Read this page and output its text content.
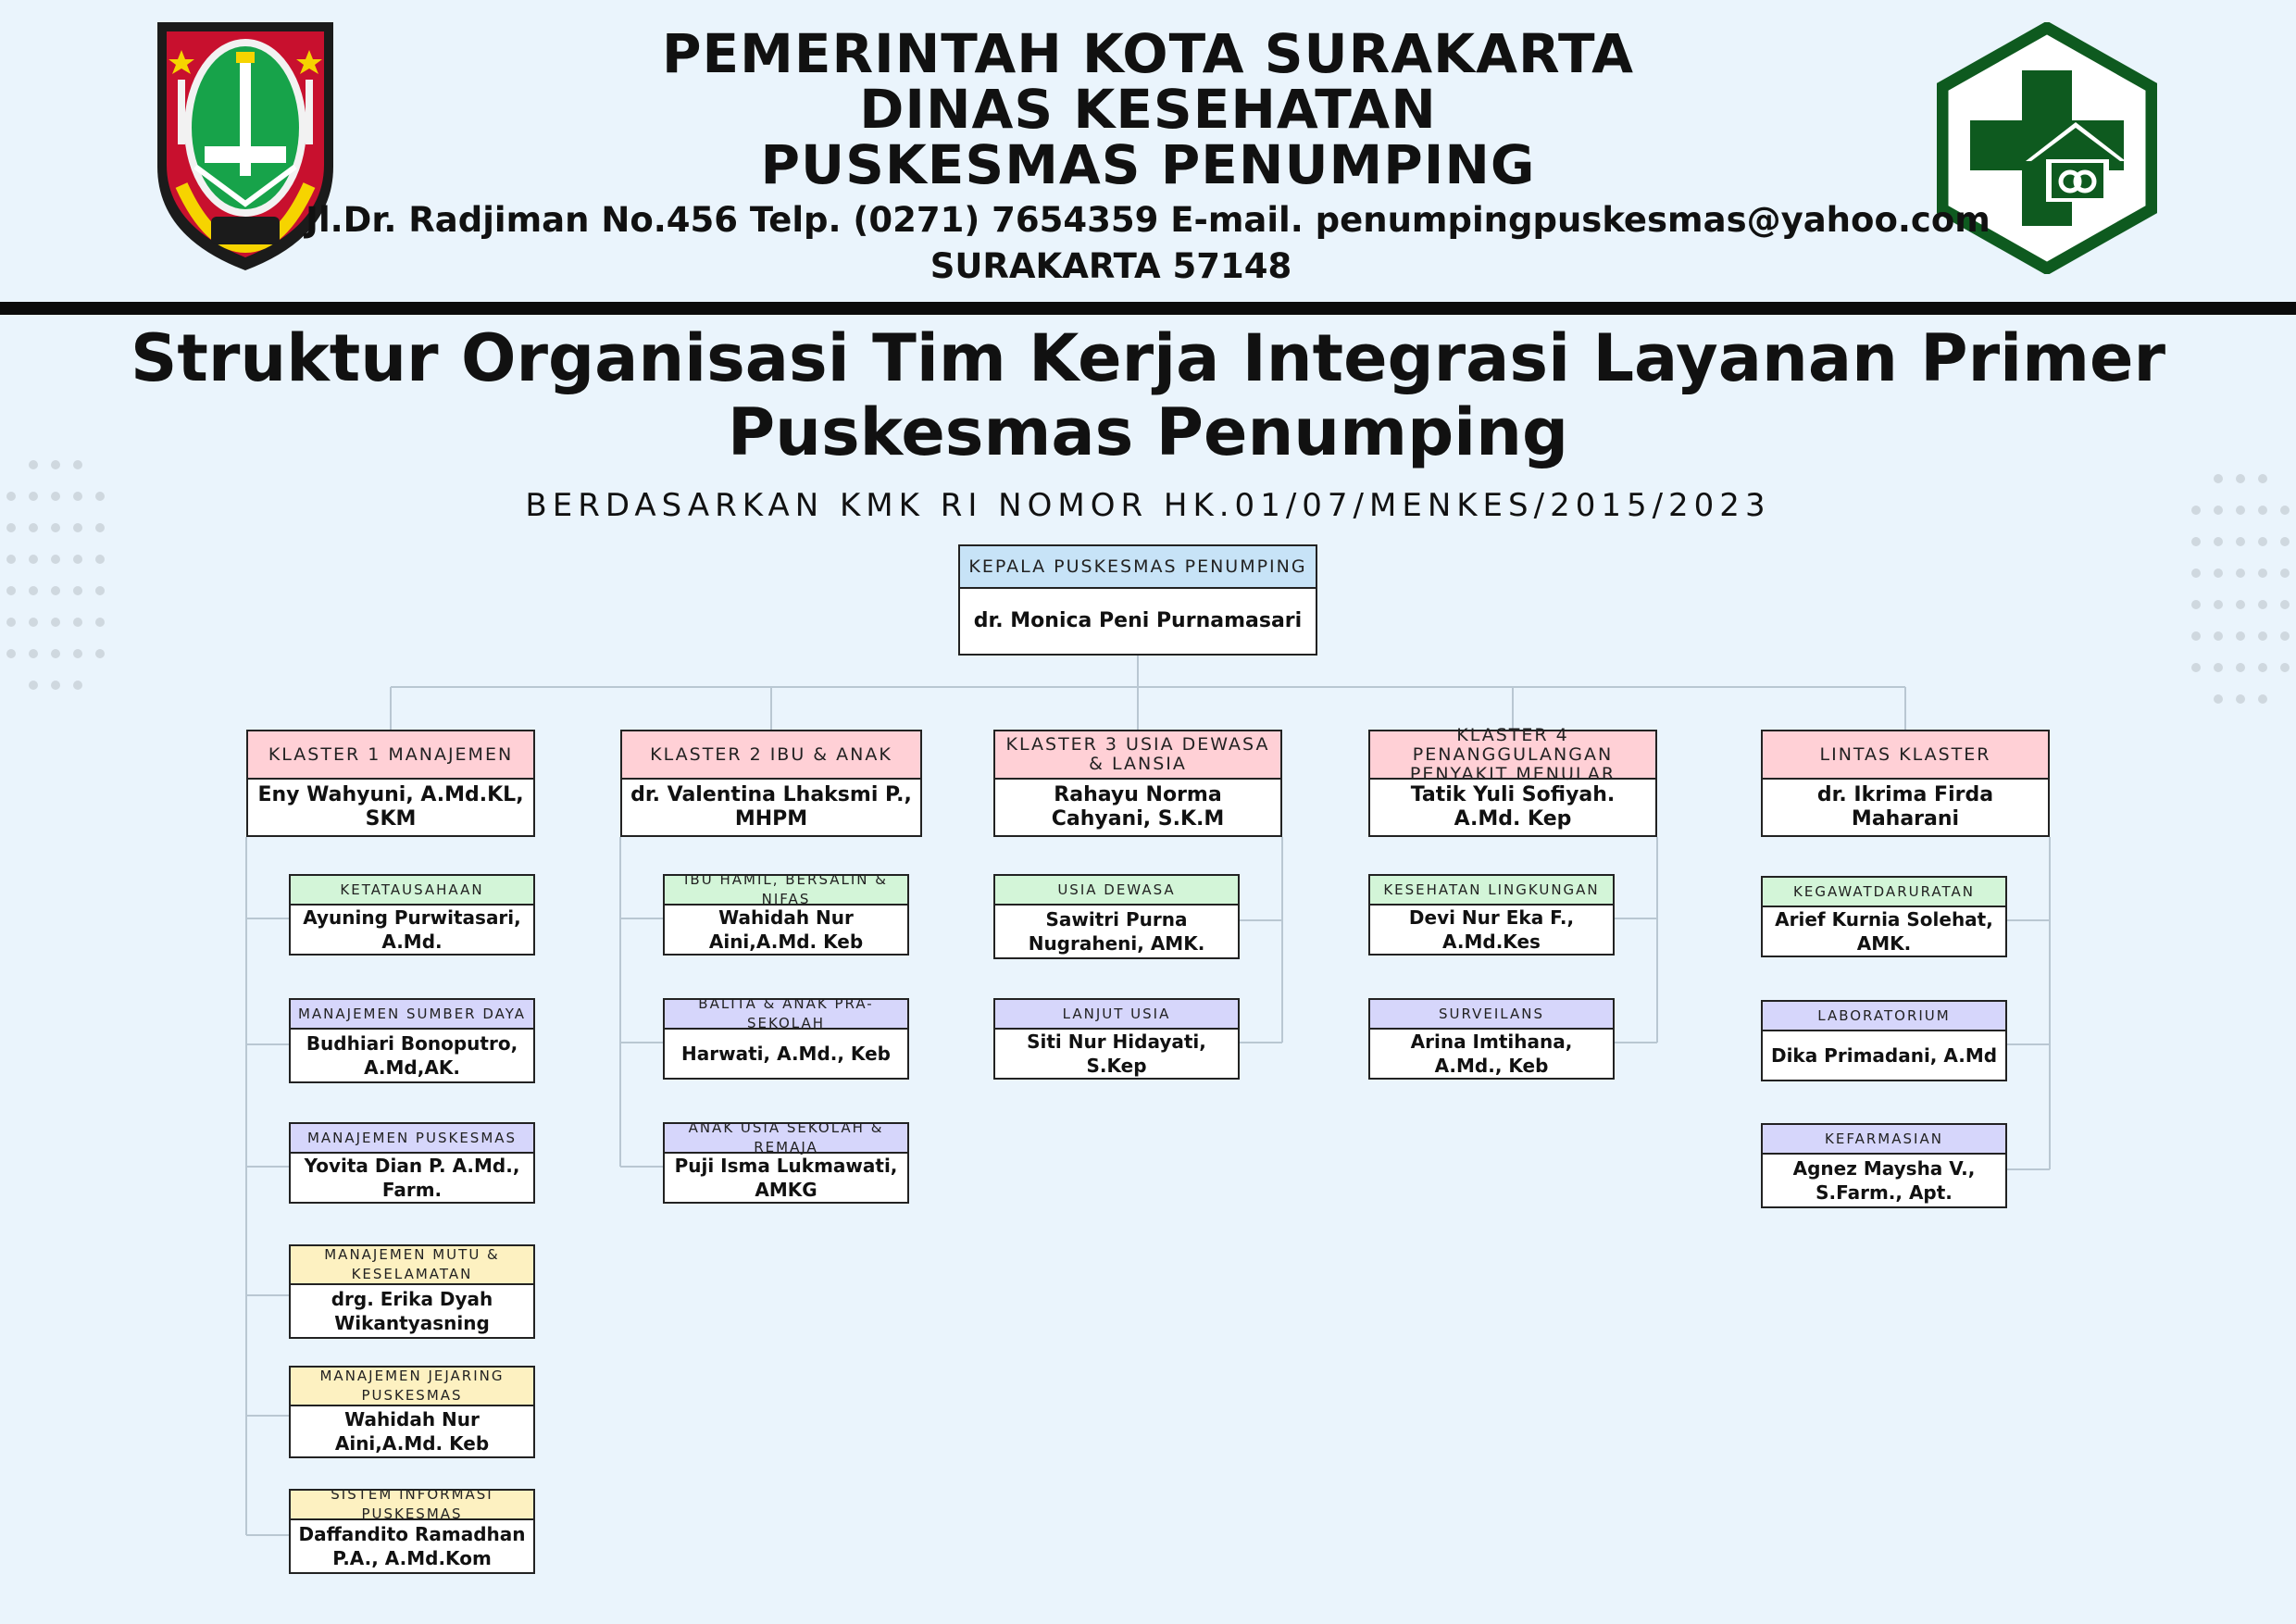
PEMERINTAH KOTA SURAKARTA
DINAS KESEHATAN
PUSKESMAS PENUMPING
Jl.Dr. Radjiman No.456 Telp. (0271) 7654359 E-mail. penumpingpuskesmas@yahoo.com
SURAKARTA 57148
Struktur Organisasi Tim Kerja Integrasi Layanan Primer
Puskesmas Penumping
BERDASARKAN KMK RI NOMOR HK.01/07/MENKES/2015/2023
KEPALA PUSKESMAS PENUMPING
dr. Monica Peni Purnamasari
KLASTER 1 MANAJEMEN
Eny Wahyuni, A.Md.KL, SKM
KETATAUSAHAAN
Ayuning Purwitasari, A.Md.
MANAJEMEN SUMBER DAYA
Budhiari Bonoputro, A.Md,AK.
MANAJEMEN PUSKESMAS
Yovita Dian P. A.Md., Farm.
MANAJEMEN MUTU & KESELAMATAN
drg. Erika Dyah Wikantyasning
MANAJEMEN JEJARING PUSKESMAS
Wahidah Nur Aini,A.Md. Keb
SISTEM INFORMASI PUSKESMAS
Daffandito Ramadhan P.A., A.Md.Kom
KLASTER 2 IBU & ANAK
dr. Valentina Lhaksmi P., MHPM
IBU HAMIL, BERSALIN & NIFAS
Wahidah Nur Aini,A.Md. Keb
BALITA & ANAK PRA-SEKOLAH
Harwati, A.Md., Keb
ANAK USIA SEKOLAH & REMAJA
Puji Isma Lukmawati, AMKG
KLASTER 3 USIA DEWASA & LANSIA
Rahayu Norma Cahyani, S.K.M
USIA DEWASA
Sawitri Purna Nugraheni, AMK.
LANJUT USIA
Siti Nur Hidayati, S.Kep
KLASTER 4 PENANGGULANGAN PENYAKIT MENULAR
Tatik Yuli Sofiyah. A.Md. Kep
KESEHATAN LINGKUNGAN
Devi Nur Eka F., A.Md.Kes
SURVEILANS
Arina Imtihana, A.Md., Keb
LINTAS KLASTER
dr. Ikrima Firda Maharani
KEGAWATDARURATAN
Arief Kurnia Solehat, AMK.
LABORATORIUM
Dika Primadani, A.Md
KEFARMASIAN
Agnez Maysha V., S.Farm., Apt.
